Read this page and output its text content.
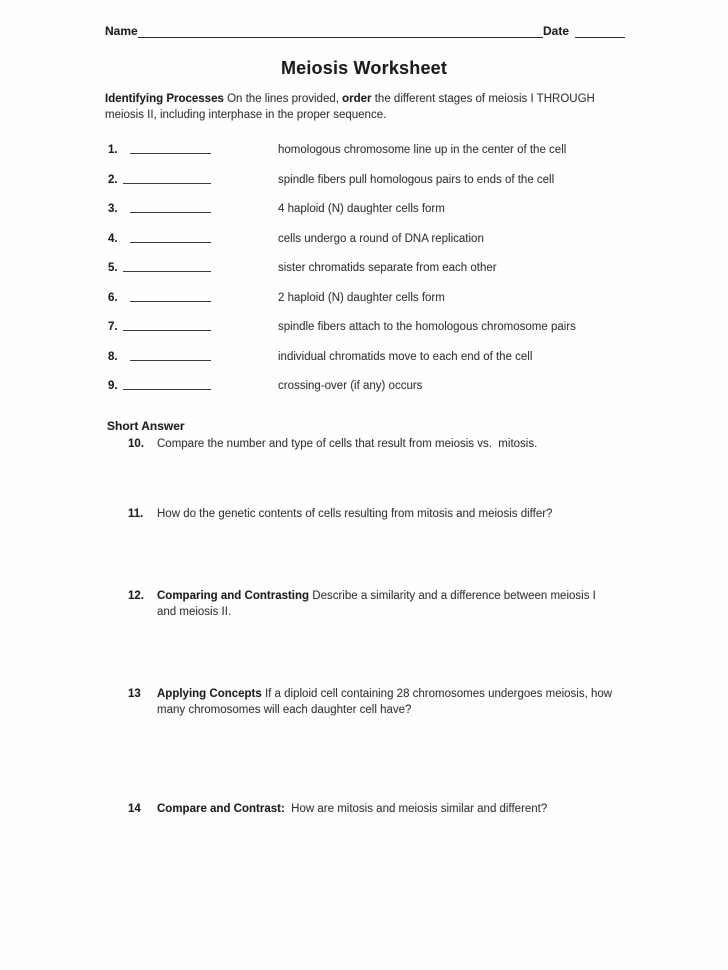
Name	Date
Meiosis Worksheet
Identifying Processes On the lines provided, order the different stages of meiosis I THROUGH
meiosis II, including interphase in the proper sequence.
1.	homologous chromosome line up in the center of the cell
2.	spindle fibers pull homologous pairs to ends of the cell
3.	4 haploid (N) daughter cells form
4.	cells undergo a round of DNA replication
5.	sister chromatids separate from each other
6.	2 haploid (N) daughter cells form
7.	spindle fibers attach to the homologous chromosome pairs
8.	individual chromatids move to each end of the cell
9.	crossing-over (if any) occurs
Short Answer
10.	Compare the number and type of cells that result from meiosis vs.  mitosis.
11.	How do the genetic contents of cells resulting from mitosis and meiosis differ?
12.	Comparing and Contrasting Describe a similarity and a difference between meiosis I
and meiosis II.
13	Applying Concepts If a diploid cell containing 28 chromosomes undergoes meiosis, how
many chromosomes will each daughter cell have?
14	Compare and Contrast:  How are mitosis and meiosis similar and different?
